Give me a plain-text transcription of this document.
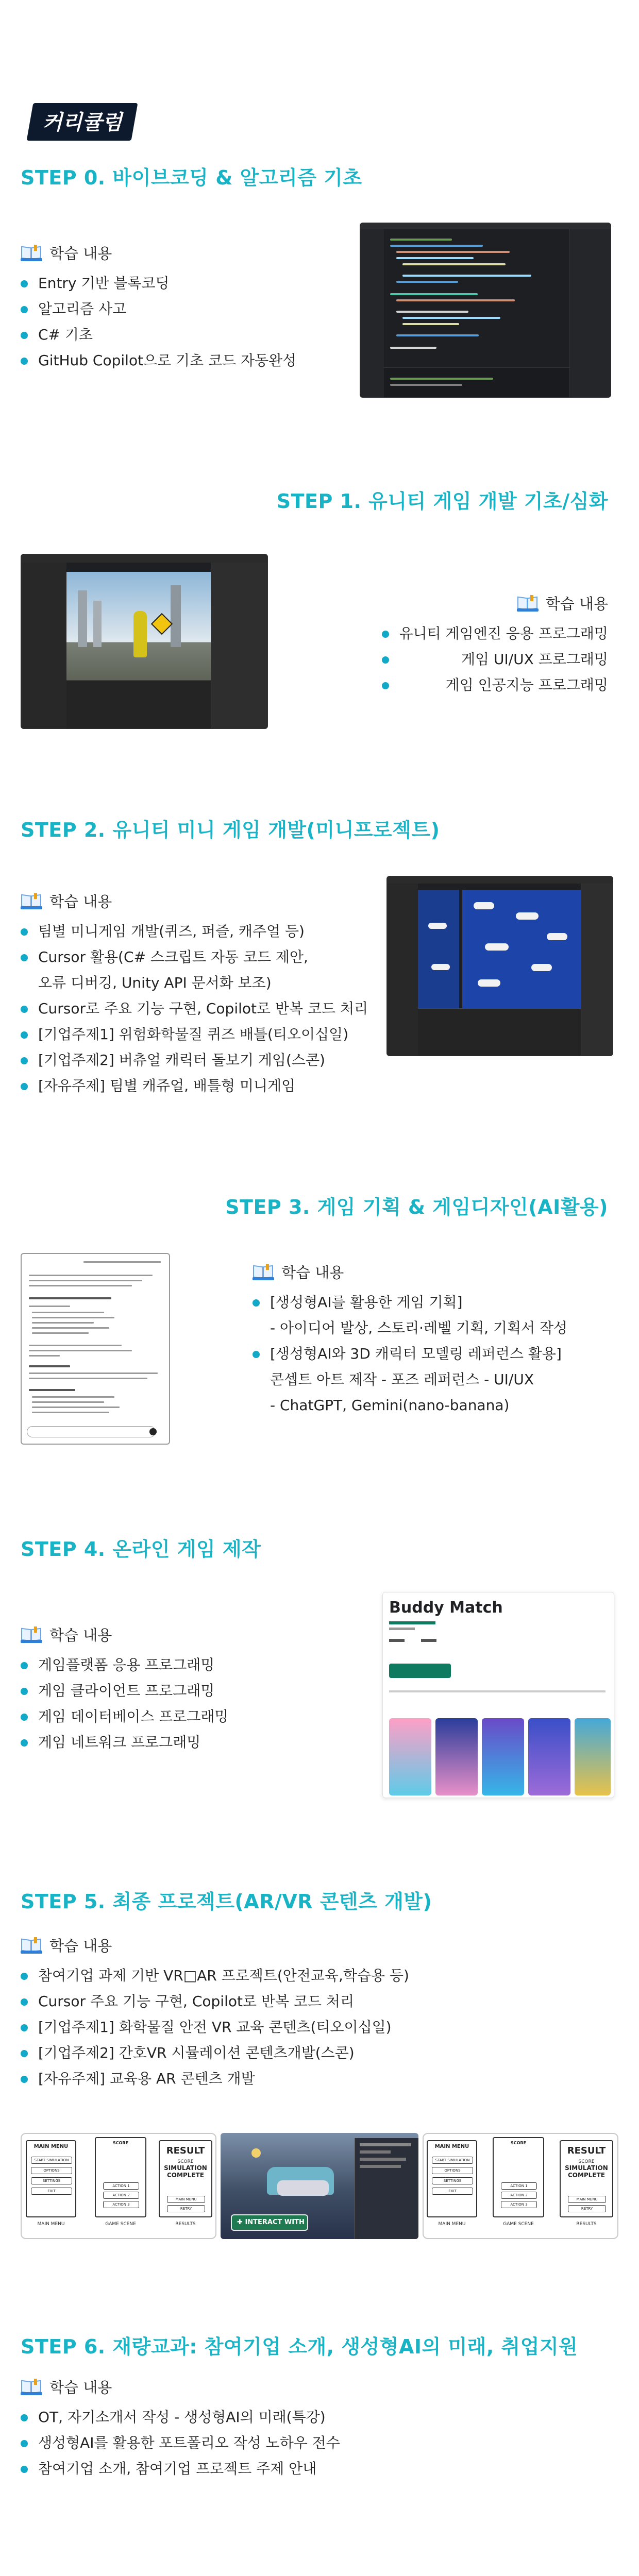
커리큘럼
STEP 0. 바이브코딩 & 알고리즘 기초
학습 내용
Entry 기반 블록코딩
알고리즘 사고
C# 기초
GitHub Copilot으로 기초 코드 자동완성
STEP 1. 유니티 게임 개발 기초/심화
학습 내용
유니티 게임엔진 응용 프로그래밍
게임 UI/UX 프로그래밍
게임 인공지능 프로그래밍
STEP 2. 유니티 미니 게임 개발(미니프로젝트)
학습 내용
팀별 미니게임 개발(퀴즈, 퍼즐, 캐주얼 등)
Cursor 활용(C# 스크립트 자동 코드 제안,
오류 디버깅, Unity API 문서화 보조)
Cursor로 주요 기능 구현, Copilot로 반복 코드 처리
[기업주제1] 위험화학물질 퀴즈 배틀(티오이십일)
[기업주제2] 버츄얼 캐릭터 돌보기 게임(스콘)
[자유주제] 팀별 캐쥬얼, 배틀형 미니게임
STEP 3. 게임 기획 & 게임디자인(AI활용)
학습 내용
[생성형AI를 활용한 게임 기획]
- 아이디어 발상, 스토리·레벨 기획, 기획서 작성
[생성형AI와 3D 캐릭터 모델링 레퍼런스 활용]
콘셉트 아트 제작 - 포즈 레퍼런스 - UI/UX
- ChatGPT, Gemini(nano-banana)
STEP 4. 온라인 게임 제작
학습 내용
게임플랫폼 응용 프로그래밍
게임 클라이언트 프로그래밍
게임 데이터베이스 프로그래밍
게임 네트워크 프로그래밍
Buddy Match
STEP 5. 최종 프로젝트(AR/VR 콘텐츠 개발)
학습 내용
참여기업 과제 기반 VR□AR 프로젝트(안전교육,학습용 등)
Cursor 주요 기능 구현, Copilot로 반복 코드 처리
[기업주제1] 화학물질 안전 VR 교육 콘텐츠(티오이십일)
[기업주제2] 간호VR 시뮬레이션 콘텐츠개발(스콘)
[자유주제] 교육용 AR 콘텐츠 개발
MAIN MENU
START SIMULATION
OPTIONS
SETTINGS
EXIT
MAIN MENU
SCORE
ACTION 1
ACTION 2
ACTION 3
GAME SCENE
RESULT
SCORE
SIMULATION COMPLETE
MAIN MENU
RETRY
RESULTS	✚ INTERACT WITH
MAIN MENU
START SIMULATION
OPTIONS
SETTINGS
EXIT
MAIN MENU
SCORE
ACTION 1
ACTION 2
ACTION 3
GAME SCENE
RESULT
SCORE
SIMULATION COMPLETE
MAIN MENU
RETRY
RESULTS
STEP 6. 재량교과: 참여기업 소개, 생성형AI의 미래, 취업지원
학습 내용
OT, 자기소개서 작성 - 생성형AI의 미래(특강)
생성형AI를 활용한 포트폴리오 작성 노하우 전수
참여기업 소개, 참여기업 프로젝트 주제 안내
